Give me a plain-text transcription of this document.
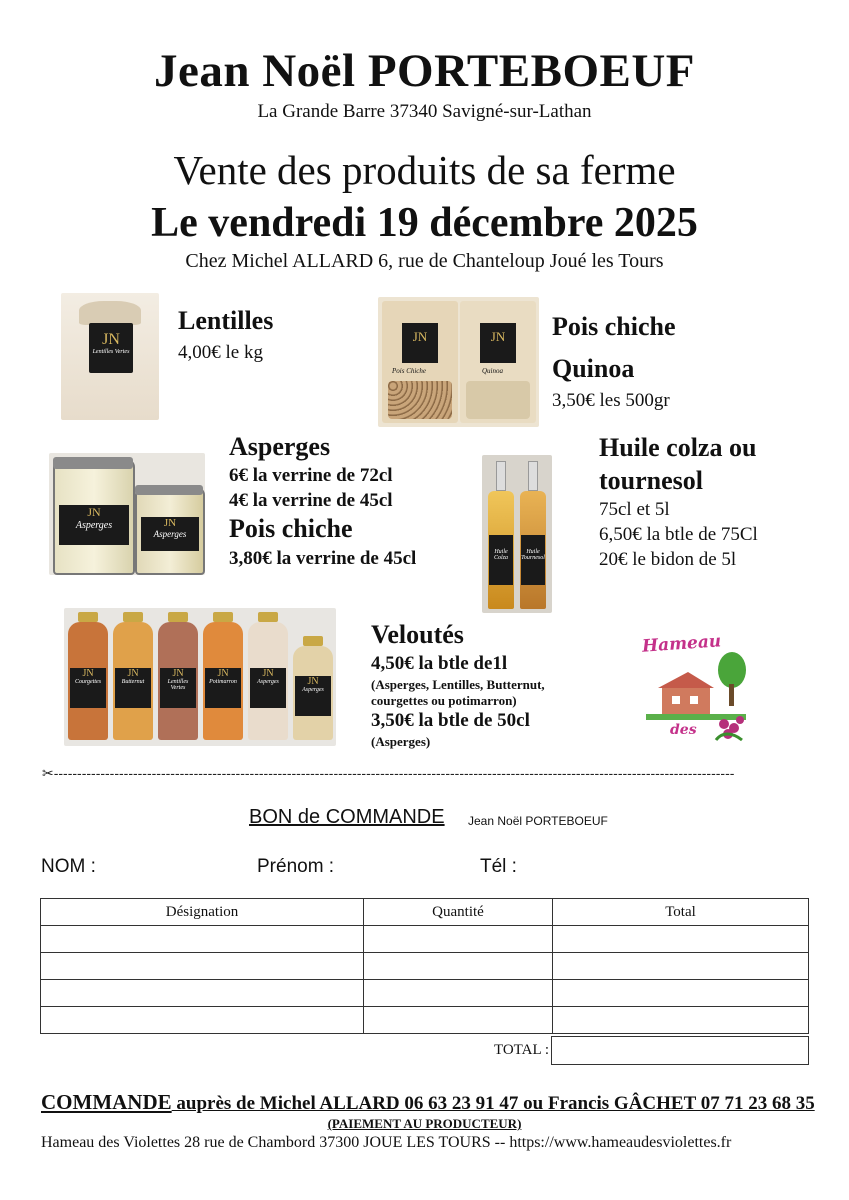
Jean Noël PORTEBOEUF
La Grande Barre 37340 Savigné-sur-Lathan
Vente des produits de sa ferme
Le vendredi 19 décembre 2025
Chez Michel ALLARD 6, rue de Chanteloup Joué les Tours
JN
Lentilles Vertes
Lentilles
4,00€ le kg
JN
Pois Chiche
JN
Quinoa
Pois chiche
Quinoa
3,50€ les 500gr
JN
Asperges	JN
Asperges
Asperges
6€ la verrine de 72cl
4€ la verrine de 45cl
Pois chiche
3,80€ la verrine de 45cl	Huile Colza
Huile Tournesol
Huile colza ou
tournesol
75cl et 5l
6,50€ la btle de 75Cl
20€ le bidon de 5l
JN
Courgettes
JN
Butternut
JN
Lentilles Vertes
JN
Potimarron
JN
Asperges	JN
Asperges
Veloutés
4,50€ la btle de1l
(Asperges, Lentilles, Butternut,
courgettes ou potimarron)
3,50€ la btle de 50cl
(Asperges)
Hameau
des
✂--------------------------------------------------------------------------------------------------------------------------------------------------
BON de COMMANDE Jean Noël PORTEBOEUF
NOM :	Prénom :	Tél :
Désignation	Quantité	Total

TOTAL :
COMMANDE auprès de Michel ALLARD 06 63 23 91 47 ou Francis GÂCHET 07 71 23 68 35
(PAIEMENT AU PRODUCTEUR)
Hameau des Violettes 28 rue de Chambord 37300 JOUE LES TOURS -- https://www.hameaudesviolettes.fr
